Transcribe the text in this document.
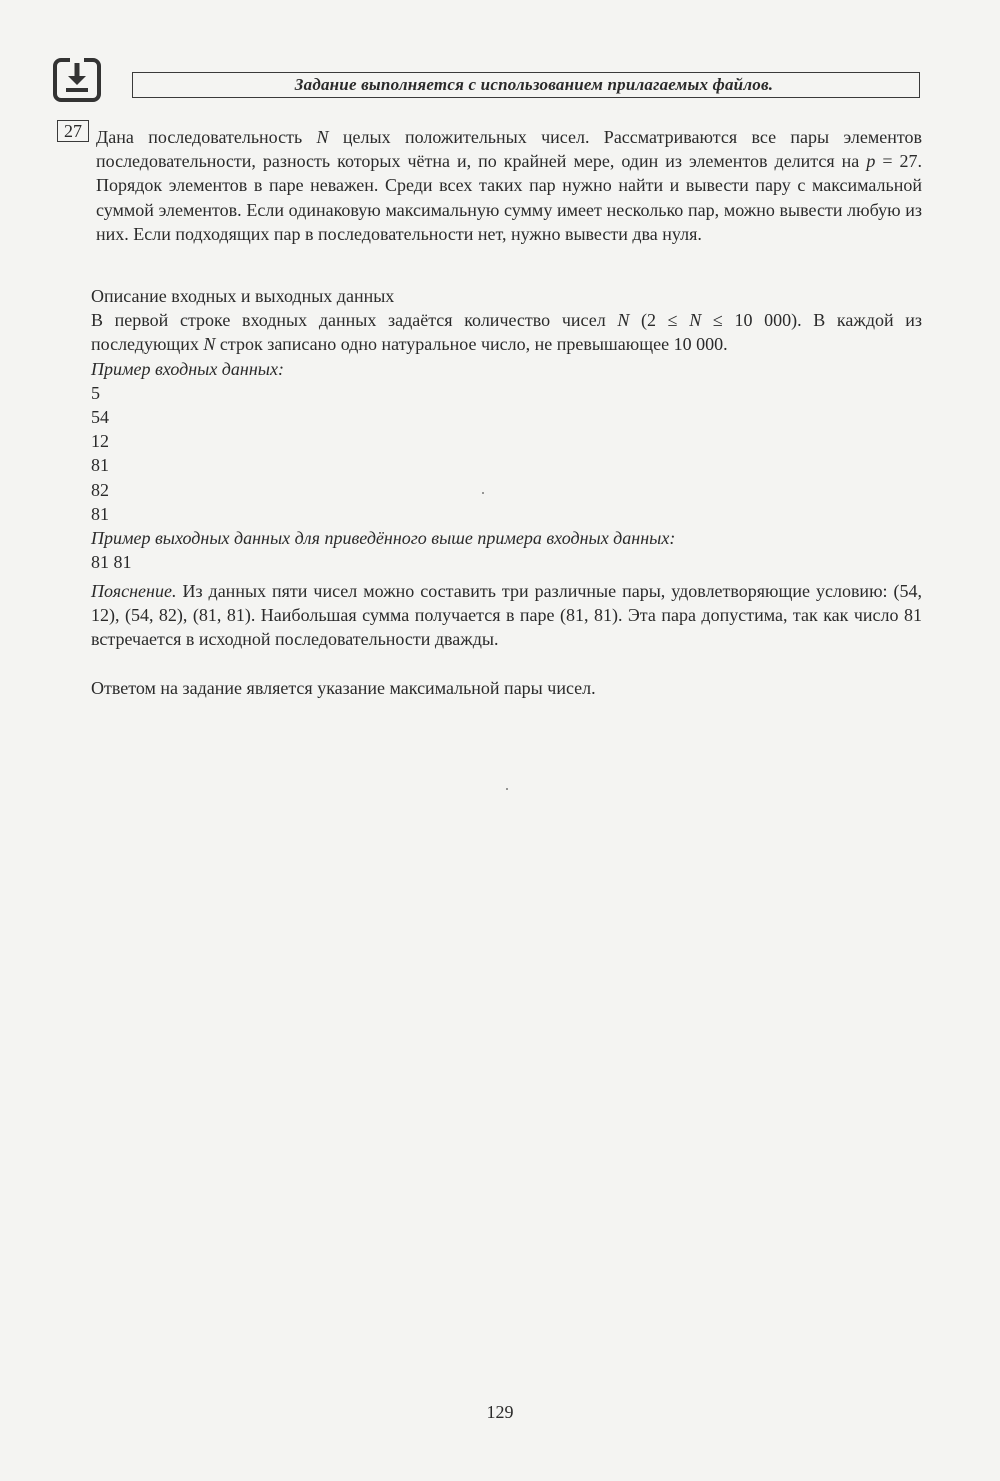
Задание выполняется с использованием прилагаемых файлов.
27 Дана последовательность N целых положительных чисел. Рассматриваются все пары элементов последовательности, разность которых чётна и, по крайней мере, один из элементов делится на p = 27. Порядок элементов в паре неважен. Среди всех таких пар нужно найти и вывести пару с максимальной суммой элементов. Если одинаковую максимальную сумму имеет несколько пар, можно вывести любую из них. Если подходящих пар в последовательности нет, нужно вывести два нуля.

Описание входных и выходных данных
В первой строке входных данных задаётся количество чисел N (2 ≤ N ≤ 10 000). В каждой из
последующих N строк записано одно натуральное число, не превышающее 10 000.
Пример входных данных:
5
54
12
81
82
81
Пример выходных данных для приведённого выше примера входных данных:
81 81

Пояснение. Из данных пяти чисел можно составить три различные пары, удовлетворяющие условию: (54, 12), (54, 82), (81, 81). Наибольшая сумма получается в паре (81, 81). Эта пара допустима, так как число 81 встречается в исходной последовательности дважды.

Ответом на задание является указание максимальной пары чисел.

129
